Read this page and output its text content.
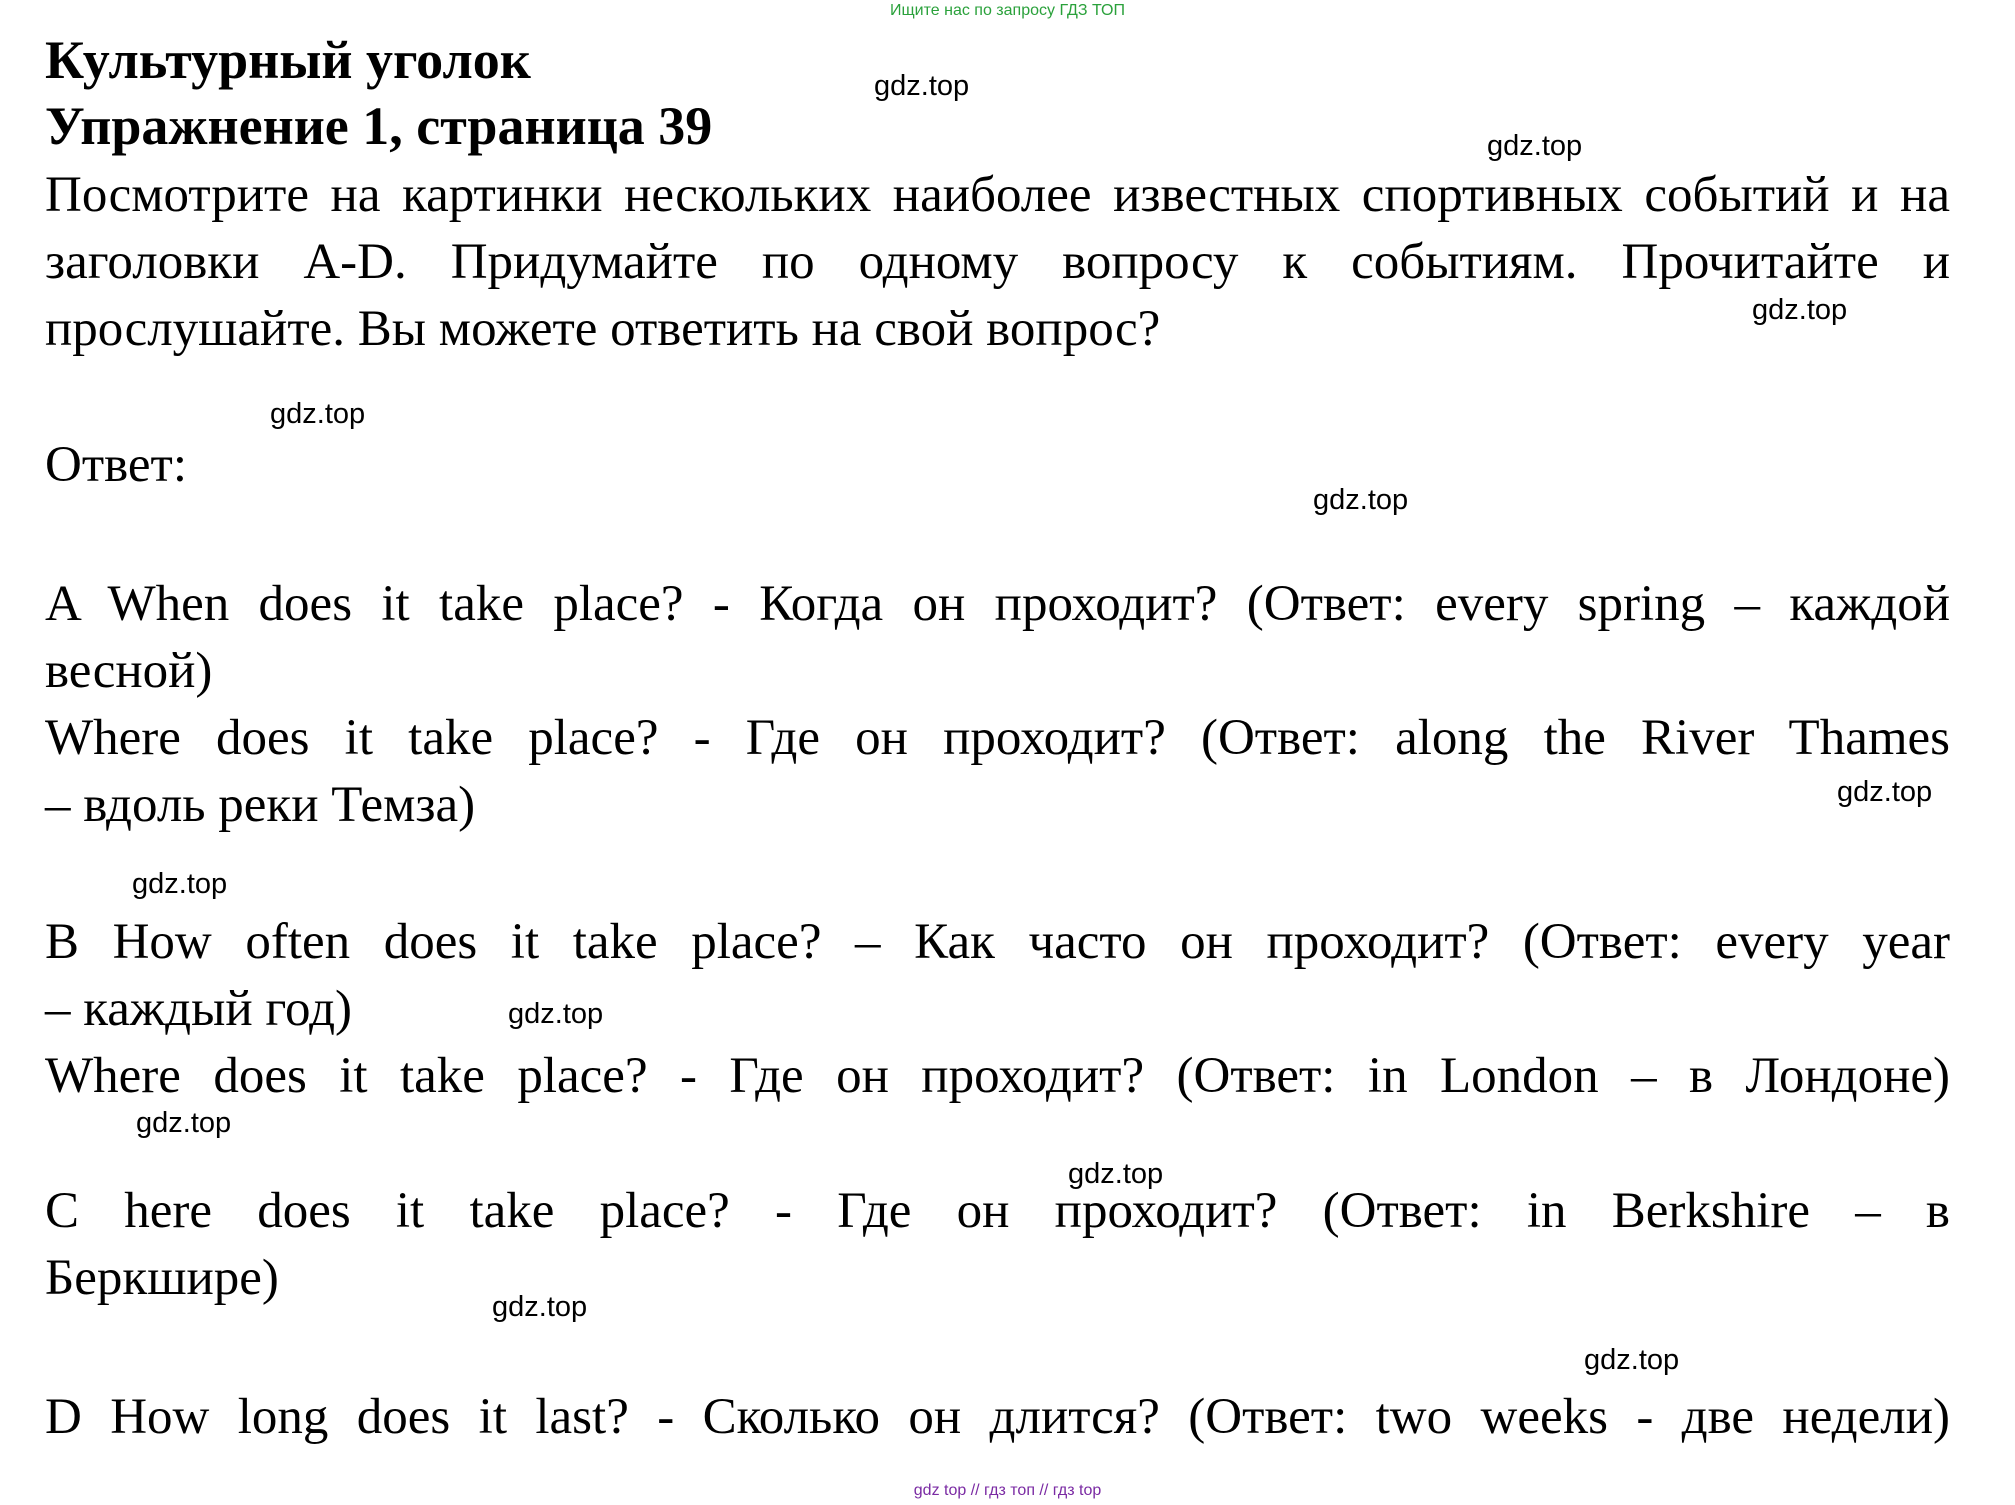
Ищите нас по запросу ГДЗ ТОП
Культурный уголок
Упражнение 1, страница 39
Посмотрите на картинки нескольких наиболее известных спортивных событий и на заголовки A-D. Придумайте по одному вопросу к событиям. Прочитайте и прослушайте. Вы можете ответить на свой вопрос?
Ответ:
A When does it take place? - Когда он проходит? (Ответ: every spring – каждой
весной)
Where does it take place? - Где он проходит? (Ответ: along the River Thames
– вдоль реки Темза)
B How often does it take place? – Как часто он проходит? (Ответ: every year
– каждый год)
Where does it take place? - Где он проходит? (Ответ: in London – в Лондоне)
C here does it take place? - Где он проходит? (Ответ: in Berkshire – в
Беркшире)
D How long does it last? - Сколько он длится? (Ответ: two weeks - две недели)
gdz.top
gdz.top
gdz.top
gdz.top
gdz.top
gdz.top
gdz.top
gdz.top
gdz.top
gdz.top
gdz.top
gdz.top
gdz top // гдз топ // гдз top
